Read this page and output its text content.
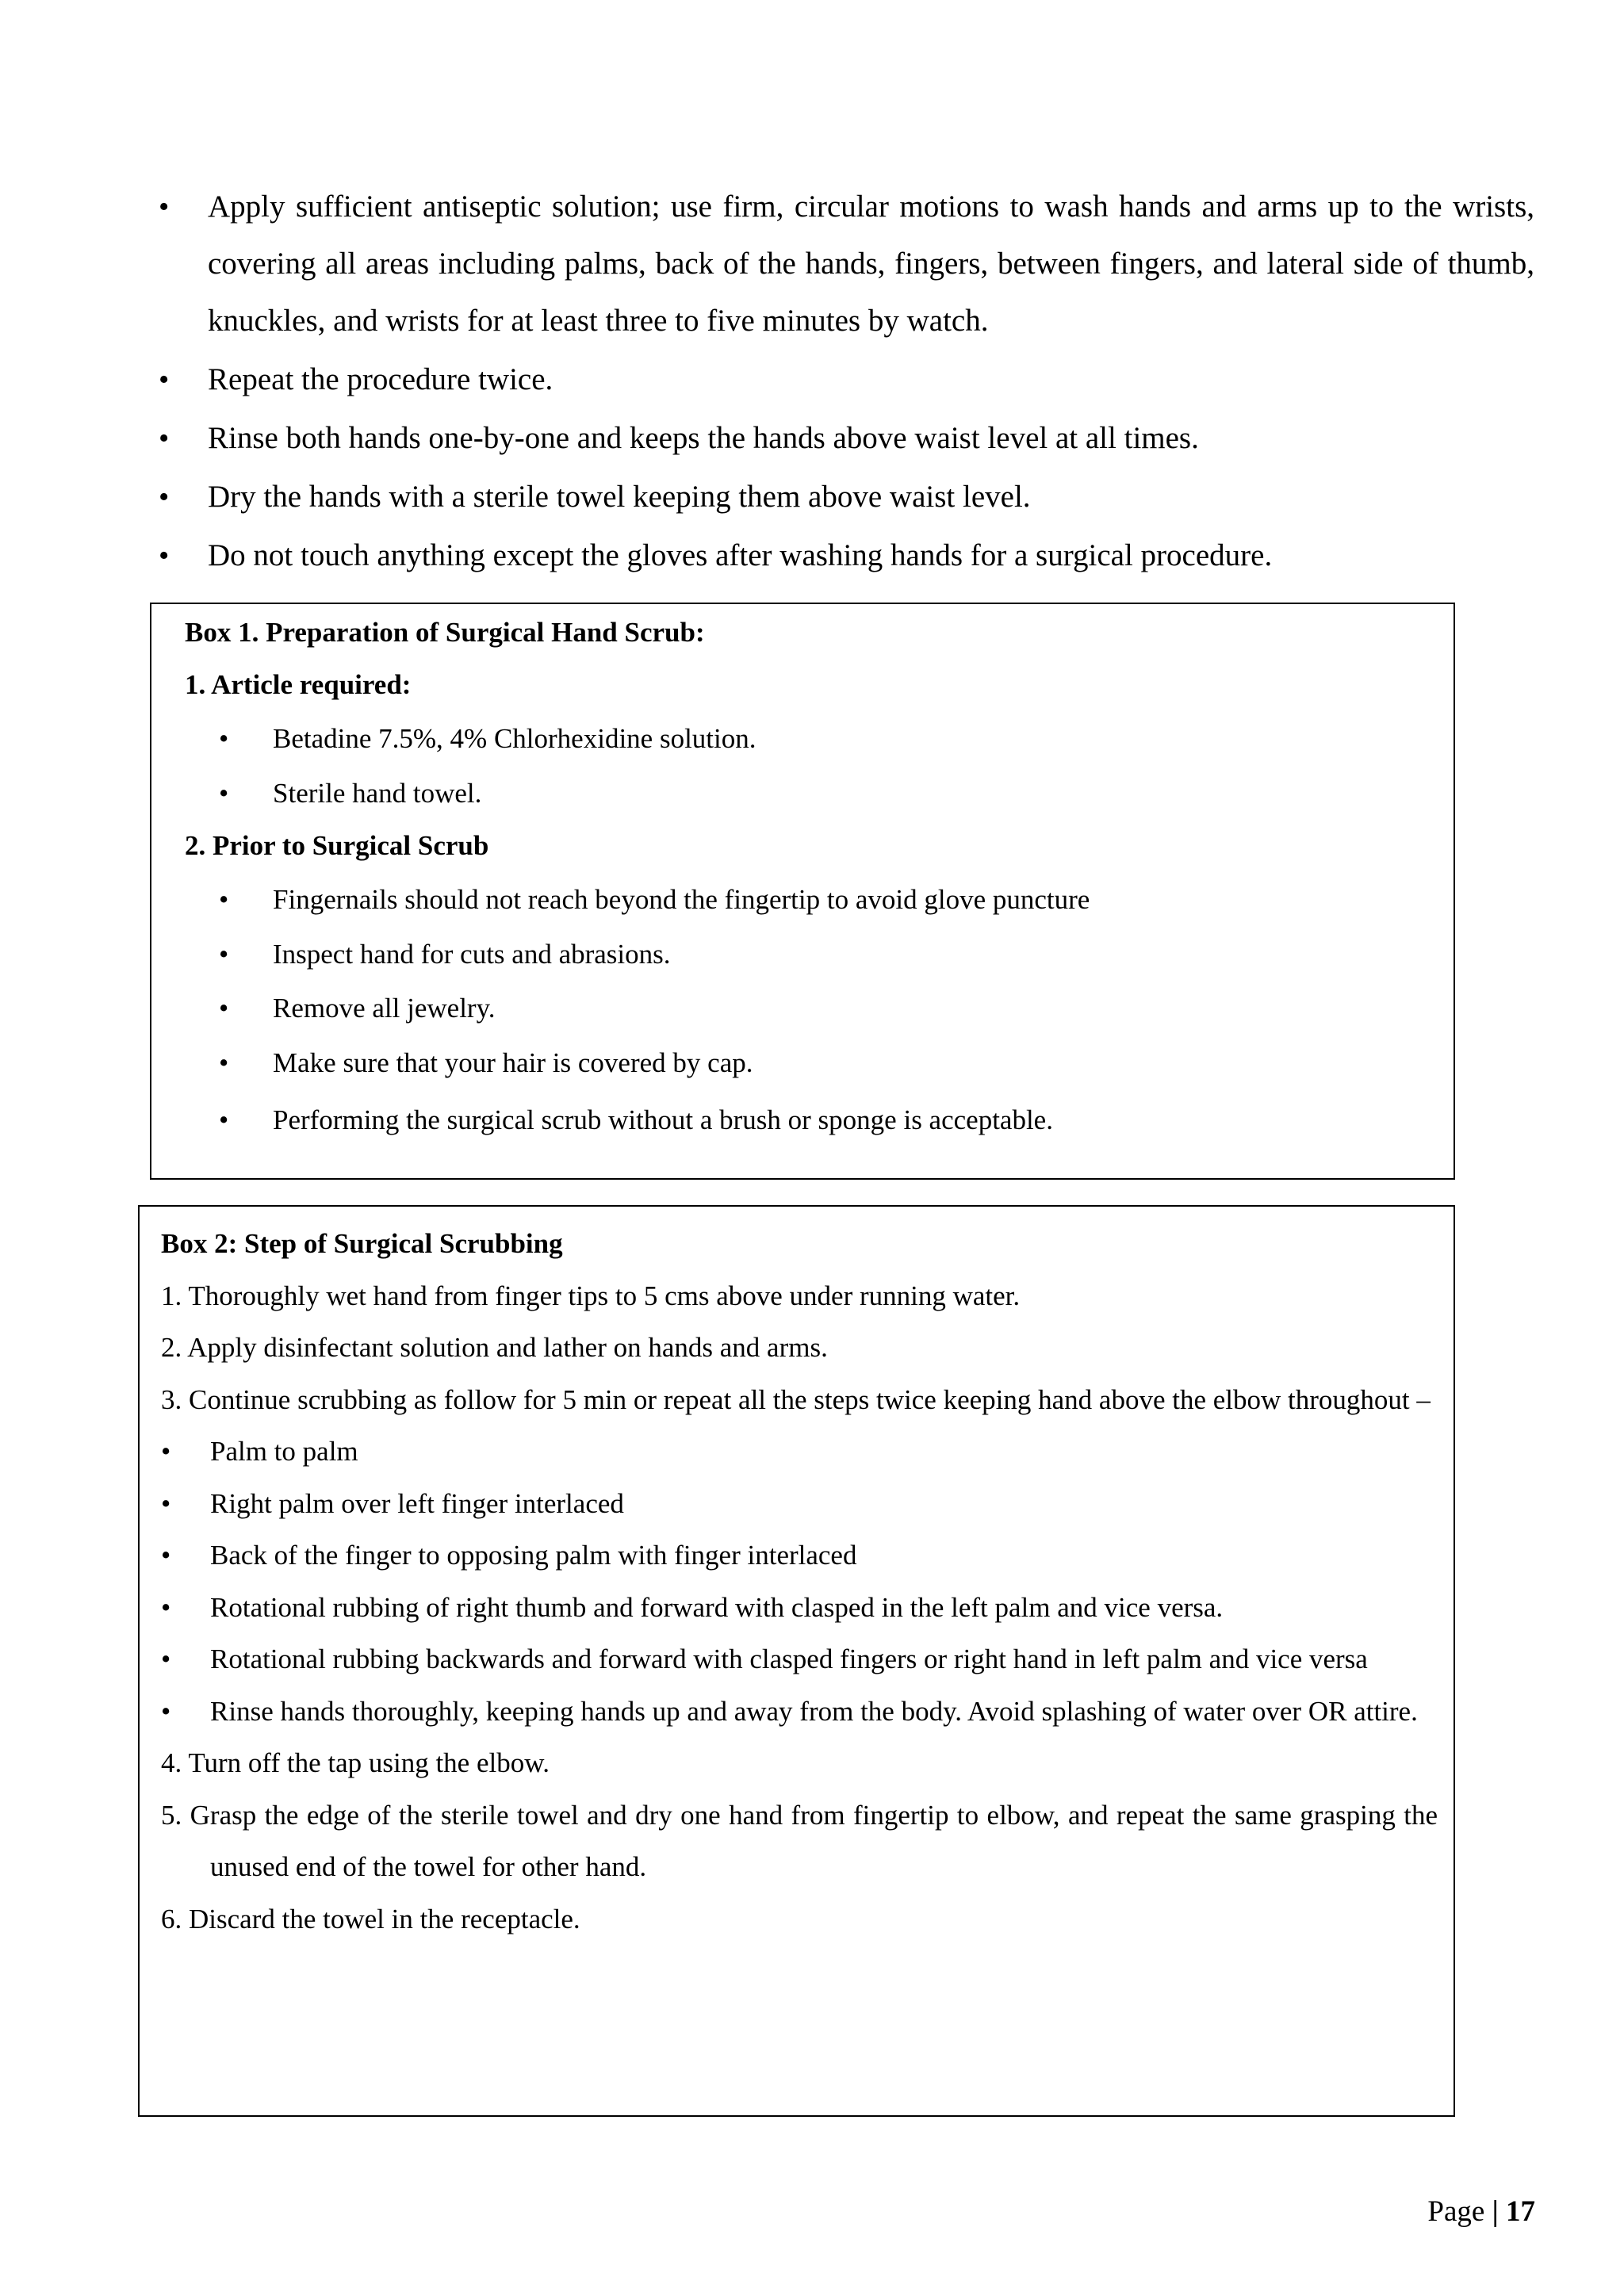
• Apply sufficient antiseptic solution; use firm, circular motions to wash hands and arms up to the wrists, covering all areas including palms, back of the hands, fingers, between fingers, and lateral side of thumb, knuckles, and wrists for at least three to five minutes by watch.
• Repeat the procedure twice.
• Rinse both hands one-by-one and keeps the hands above waist level at all times.
• Dry the hands with a sterile towel keeping them above waist level.
• Do not touch anything except the gloves after washing hands for a surgical procedure.
Box 1. Preparation of Surgical Hand Scrub:
1. Article required:
• Betadine 7.5%, 4% Chlorhexidine solution.
• Sterile hand towel.
2. Prior to Surgical Scrub
• Fingernails should not reach beyond the fingertip to avoid glove puncture
• Inspect hand for cuts and abrasions.
• Remove all jewelry.
• Make sure that your hair is covered by cap.
• Performing the surgical scrub without a brush or sponge is acceptable.
Box 2: Step of Surgical Scrubbing
1. Thoroughly wet hand from finger tips to 5 cms above under running water.
2. Apply disinfectant solution and lather on hands and arms.
3. Continue scrubbing as follow for 5 min or repeat all the steps twice keeping hand above the elbow throughout –
• Palm to palm
• Right palm over left finger interlaced
• Back of the finger to opposing palm with finger interlaced
• Rotational rubbing of right thumb and forward with clasped in the left palm and vice versa.
• Rotational rubbing backwards and forward with clasped fingers or right hand in left palm and vice versa
• Rinse hands thoroughly, keeping hands up and away from the body. Avoid splashing of water over OR attire.
4. Turn off the tap using the elbow.
5. Grasp the edge of the sterile towel and dry one hand from fingertip to elbow, and repeat the same grasping the unused end of the towel for other hand.
6. Discard the towel in the receptacle.
Page | 17
